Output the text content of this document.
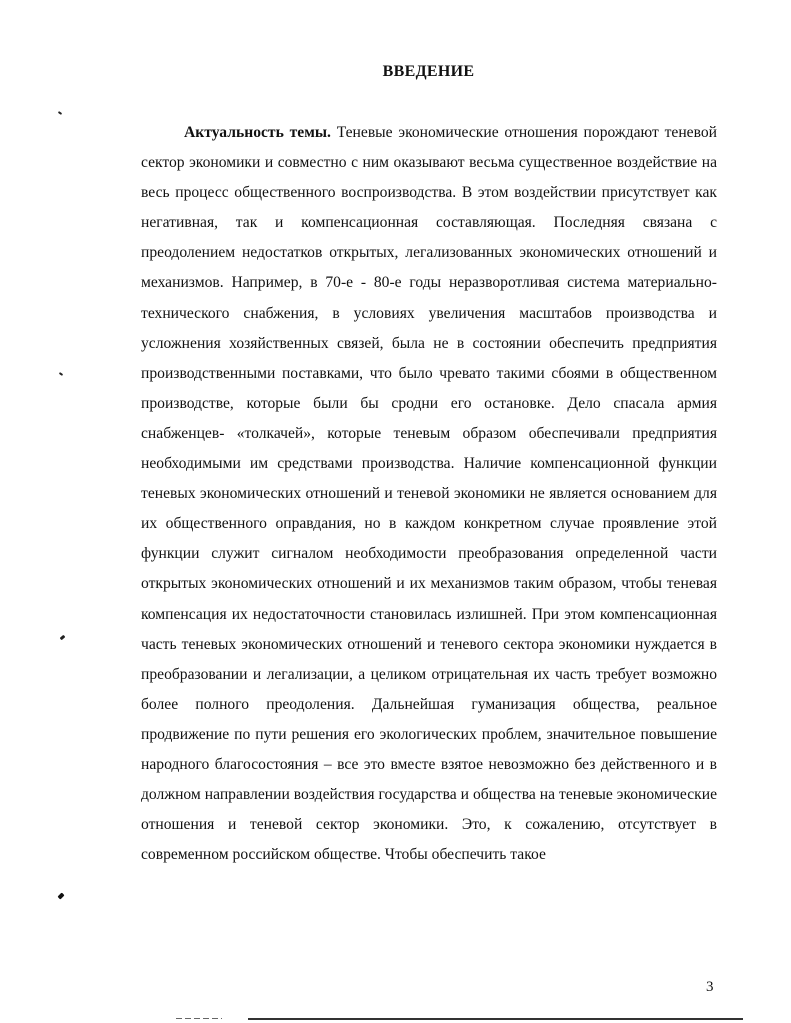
ВВЕДЕНИЕ

Актуальность темы. Теневые экономические отношения порождают теневой сектор экономики и совместно с ним оказывают весьма существенное воздействие на весь процесс общественного воспроизводства. В этом воздействии присутствует как негативная, так и компенсационная составляющая. Последняя связана с преодолением недостатков открытых, легализованных экономических отношений и механизмов. Например, в 70-е - 80-е годы неразворотливая система материально-технического снабжения, в условиях увеличения масштабов производства и усложнения хозяйственных связей, была не в состоянии обеспечить предприятия производственными поставками, что было чревато такими сбоями в общественном производстве, которые были бы сродни его остановке. Дело спасала армия снабженцев- «толкачей», которые теневым образом обеспечивали предприятия необходимыми им средствами производства. Наличие компенсационной функции теневых экономических отношений и теневой экономики не является основанием для их общественного оправдания, но в каждом конкретном случае проявление этой функции служит сигналом необходимости преобразования определенной части открытых экономических отношений и их механизмов таким образом, чтобы теневая компенсация их недостаточности становилась излишней. При этом компенсационная часть теневых экономических отношений и теневого сектора экономики нуждается в преобразовании и легализации, а целиком отрицательная их часть требует возможно более полного преодоления. Дальнейшая гуманизация общества, реальное продвижение по пути решения его экологических проблем, значительное повышение народного благосостояния – все это вместе взятое невозможно без действенного и в должном направлении воздействия государства и общества на теневые экономические отношения и теневой сектор экономики. Это, к сожалению, отсутствует в современном российском обществе. Чтобы обеспечить такое

3
